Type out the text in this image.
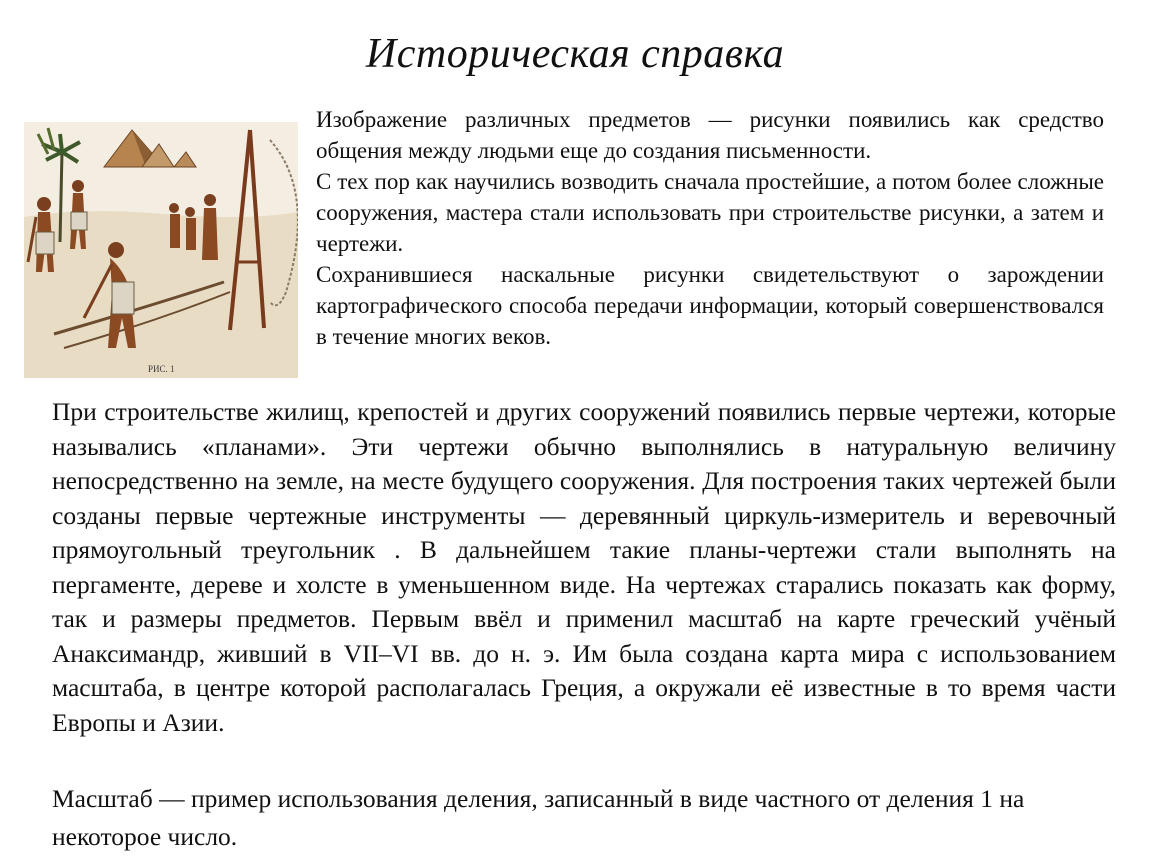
Историческая справка
РИС. 1

Изображение различных предметов — рисунки появились как средство общения между людьми еще до создания письменности.

С тех пор как научились возводить сначала простейшие, а потом более сложные сооружения, мастера стали использовать при строительстве рисунки, а затем и чертежи.

Сохранившиеся наскальные рисунки свидетельствуют о зарождении картографического способа передачи информации, который совершенствовался в течение многих веков.

При строительстве жилищ, крепостей и других сооружений появились первые чертежи, которые назывались «планами». Эти чертежи обычно выполнялись в натуральную величину непосредственно на земле, на месте будущего сооружения. Для построения таких чертежей были созданы первые чертежные инструменты — деревянный циркуль-измеритель и веревочный прямоугольный треугольник . В дальнейшем такие планы-чертежи стали выполнять на пергаменте, дереве и холсте в уменьшенном виде. На чертежах старались показать как форму, так и размеры предметов. Первым ввёл и применил масштаб на карте греческий учёный Анаксимандр, живший в VII–VI вв. до н. э. Им была создана карта мира с использованием масштаба, в центре которой располагалась Греция, а окружали её известные в то время части Европы и Азии.

Масштаб — пример использования деления, записанный в виде частного от деления 1 на некоторое число.
